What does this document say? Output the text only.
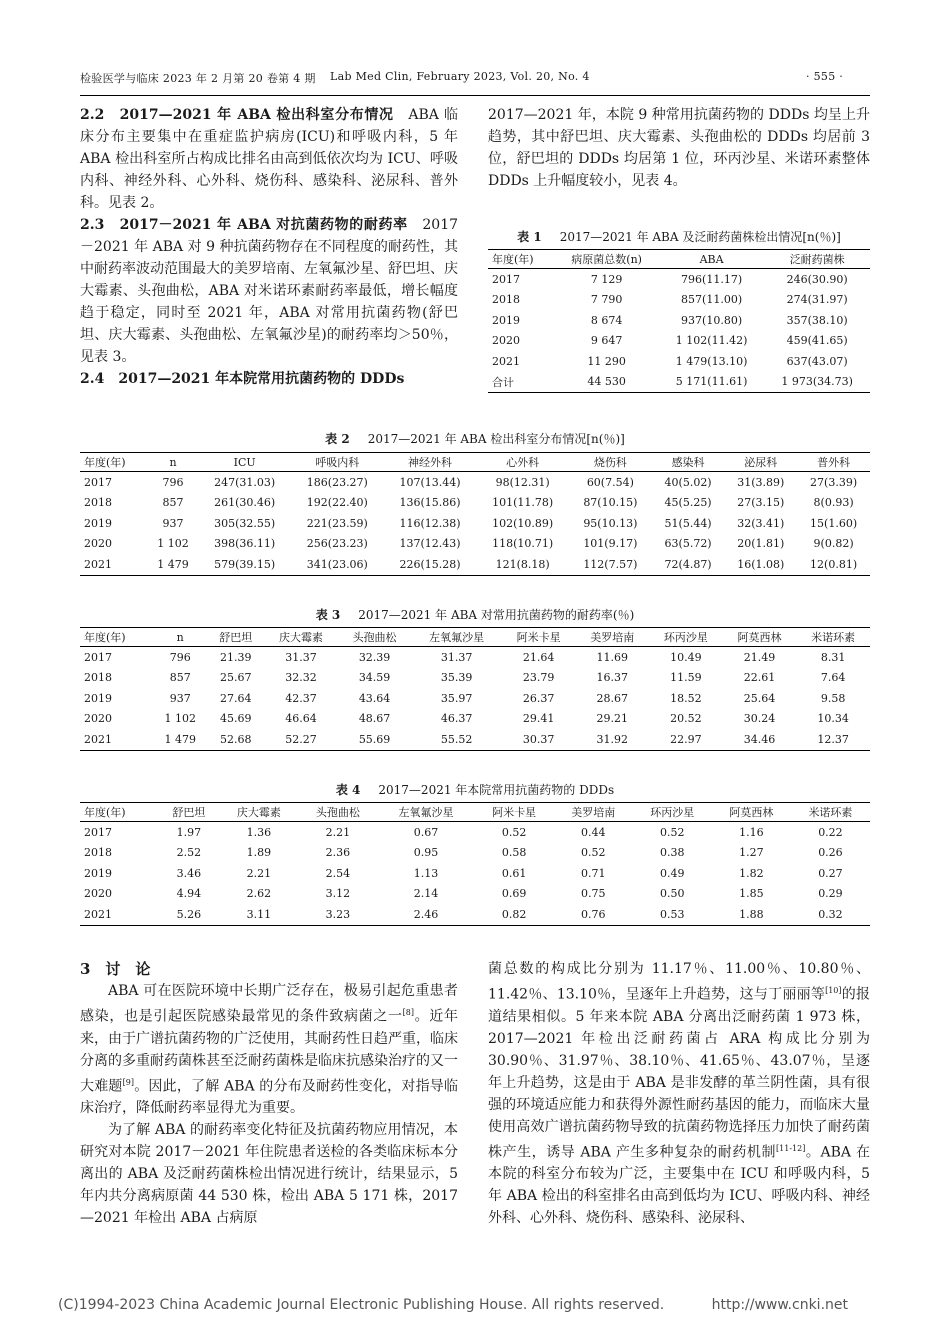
检验医学与临床 2023 年 2 月第 20 卷第 4 期 Lab Med Clin, February 2023, Vol. 20, No. 4	· 555 ·

2.2　2017—2021 年 ABA 检出科室分布情况　 ABA 临床分布主要集中在重症监护病房(ICU)和呼吸内科，5 年 ABA 检出科室所占构成比排名由高到低依次均为 ICU、呼吸内科、神经外科、心外科、烧伤科、感染科、泌尿科、普外科。见表 2。

2.3　2017－2021 年 ABA 对抗菌药物的耐药率　 2017－2021 年 ABA 对 9 种抗菌药物存在不同程度的耐药性，其中耐药率波动范围最大的美罗培南、左氧氟沙星、舒巴坦、庆大霉素、头孢曲松，ABA 对米诺环素耐药率最低，增长幅度趋于稳定，同时至 2021 年，ABA 对常用抗菌药物(舒巴坦、庆大霉素、头孢曲松、左氧氟沙星)的耐药率均＞50％，见表 3。

2.4　2017—2021 年本院常用抗菌药物的 DDDs

2017—2021 年，本院 9 种常用抗菌药物的 DDDs 均呈上升趋势，其中舒巴坦、庆大霉素、头孢曲松的 DDDs 均居前 3 位，舒巴坦的 DDDs 均居第 1 位，环丙沙星、米诺环素整体 DDDs 上升幅度较小，见表 4。

表 1 2017—2021 年 ABA 及泛耐药菌株检出情况[n(％)]
年度(年)	病原菌总数(n)	ABA	泛耐药菌株
2017	7 129	796(11.17)	246(30.90)
2018	7 790	857(11.00)	274(31.97)
2019	8 674	937(10.80)	357(38.10)
2020	9 647	1 102(11.42)	459(41.65)
2021	11 290	1 479(13.10)	637(43.07)
合计	44 530	5 171(11.61)	1 973(34.73)
表 2 2017—2021 年 ABA 检出科室分布情况[n(％)]
年度(年)	n	ICU	呼吸内科	神经外科	心外科	烧伤科	感染科	泌尿科	普外科
2017	796	247(31.03)	186(23.27)	107(13.44)	98(12.31)	60(7.54)	40(5.02)	31(3.89)	27(3.39)
2018	857	261(30.46)	192(22.40)	136(15.86)	101(11.78)	87(10.15)	45(5.25)	27(3.15)	8(0.93)
2019	937	305(32.55)	221(23.59)	116(12.38)	102(10.89)	95(10.13)	51(5.44)	32(3.41)	15(1.60)
2020	1 102	398(36.11)	256(23.23)	137(12.43)	118(10.71)	101(9.17)	63(5.72)	20(1.81)	9(0.82)
2021	1 479	579(39.15)	341(23.06)	226(15.28)	121(8.18)	112(7.57)	72(4.87)	16(1.08)	12(0.81)
表 3 2017—2021 年 ABA 对常用抗菌药物的耐药率(％)
年度(年)	n	舒巴坦	庆大霉素	头孢曲松	左氧氟沙星	阿米卡星	美罗培南	环丙沙星	阿莫西林	米诺环素
2017	796	21.39	31.37	32.39	31.37	21.64	11.69	10.49	21.49	8.31
2018	857	25.67	32.32	34.59	35.39	23.79	16.37	11.59	22.61	7.64
2019	937	27.64	42.37	43.64	35.97	26.37	28.67	18.52	25.64	9.58
2020	1 102	45.69	46.64	48.67	46.37	29.41	29.21	20.52	30.24	10.34
2021	1 479	52.68	52.27	55.69	55.52	30.37	31.92	22.97	34.46	12.37
表 4 2017—2021 年本院常用抗菌药物的 DDDs
年度(年)	舒巴坦	庆大霉素	头孢曲松	左氧氟沙星	阿米卡星	美罗培南	环丙沙星	阿莫西林	米诺环素
2017	1.97	1.36	2.21	0.67	0.52	0.44	0.52	1.16	0.22
2018	2.52	1.89	2.36	0.95	0.58	0.52	0.38	1.27	0.26
2019	3.46	2.21	2.54	1.13	0.61	0.71	0.49	1.82	0.27
2020	4.94	2.62	3.12	2.14	0.69	0.75	0.50	1.85	0.29
2021	5.26	3.11	3.23	2.46	0.82	0.76	0.53	1.88	0.32
3　讨　论

ABA 可在医院环境中长期广泛存在，极易引起危重患者感染，也是引起医院感染最常见的条件致病菌之一[8]。近年来，由于广谱抗菌药物的广泛使用，其耐药性日趋严重，临床分离的多重耐药菌株甚至泛耐药菌株是临床抗感染治疗的又一大难题[9]。因此，了解 ABA 的分布及耐药性变化，对指导临床治疗，降低耐药率显得尤为重要。

为了解 ABA 的耐药率变化特征及抗菌药物应用情况，本研究对本院 2017－2021 年住院患者送检的各类临床标本分离出的 ABA 及泛耐药菌株检出情况进行统计，结果显示，5 年内共分离病原菌 44 530 株，检出 ABA 5 171 株，2017—2021 年检出 ABA 占病原

菌总数的构成比分别为 11.17％、11.00％、10.80％、11.42％、13.10％，呈逐年上升趋势，这与丁丽丽等[10]的报道结果相似。5 年来本院 ABA 分离出泛耐药菌 1 973 株，2017—2021 年检出泛耐药菌占 ARA 构成比分别为 30.90％、31.97％、38.10％、41.65％、43.07％，呈逐年上升趋势，这是由于 ABA 是非发酵的革兰阴性菌，具有很强的环境适应能力和获得外源性耐药基因的能力，而临床大量使用高效广谱抗菌药物导致的抗菌药物选择压力加快了耐药菌株产生，诱导 ABA 产生多种复杂的耐药机制[11-12]。ABA 在本院的科室分布较为广泛，主要集中在 ICU 和呼吸内科，5 年 ABA 检出的科室排名由高到低均为 ICU、呼吸内科、神经外科、心外科、烧伤科、感染科、泌尿科、

(C)1994-2023 China Academic Journal Electronic Publishing House. All rights reserved.	http://www.cnki.net
